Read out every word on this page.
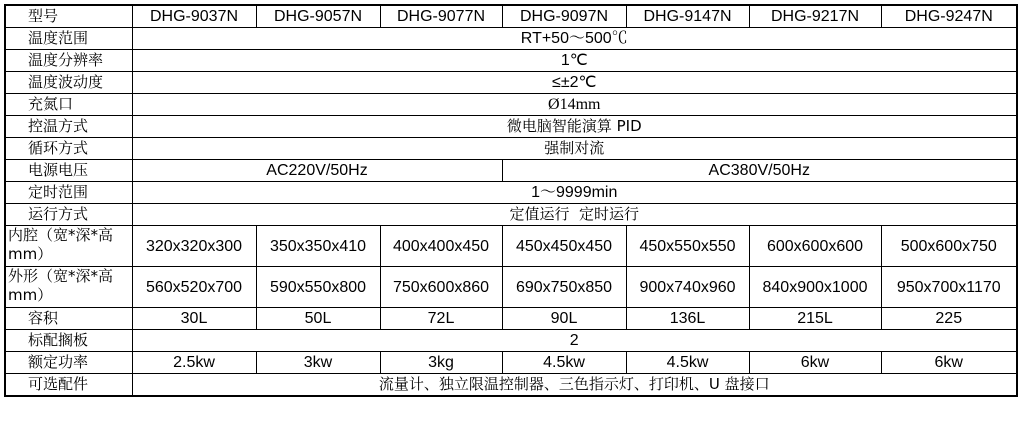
型号	DHG-9037N	DHG-9057N	DHG-9077N	DHG-9097N	DHG-9147N	DHG-9217N	DHG-9247N
温度范围	RT+50～500℃						
温度分辨率	1℃						
温度波动度	≤±2℃						
充氮口	Ø14mm						
控温方式	微电脑智能演算 PID						
循环方式	强制对流						
电源电压	AC220V/50Hz			AC380V/50Hz			
定时范围	1～9999min						
运行方式	定值运行  定时运行						
内腔（宽*深*高 mm）	320x320x300	350x350x410	400x400x450	450x450x450	450x550x550	600x600x600	500x600x750
外形（宽*深*高 mm）	560x520x700	590x550x800	750x600x860	690x750x850	900x740x960	840x900x1000	950x700x1170
容积	30L	50L	72L	90L	136L	215L	225
标配搁板	2						
额定功率	2.5kw	3kw	3kg	4.5kw	4.5kw	6kw	6kw
可选配件	流量计、独立限温控制器、三色指示灯、打印机、U 盘接口						
